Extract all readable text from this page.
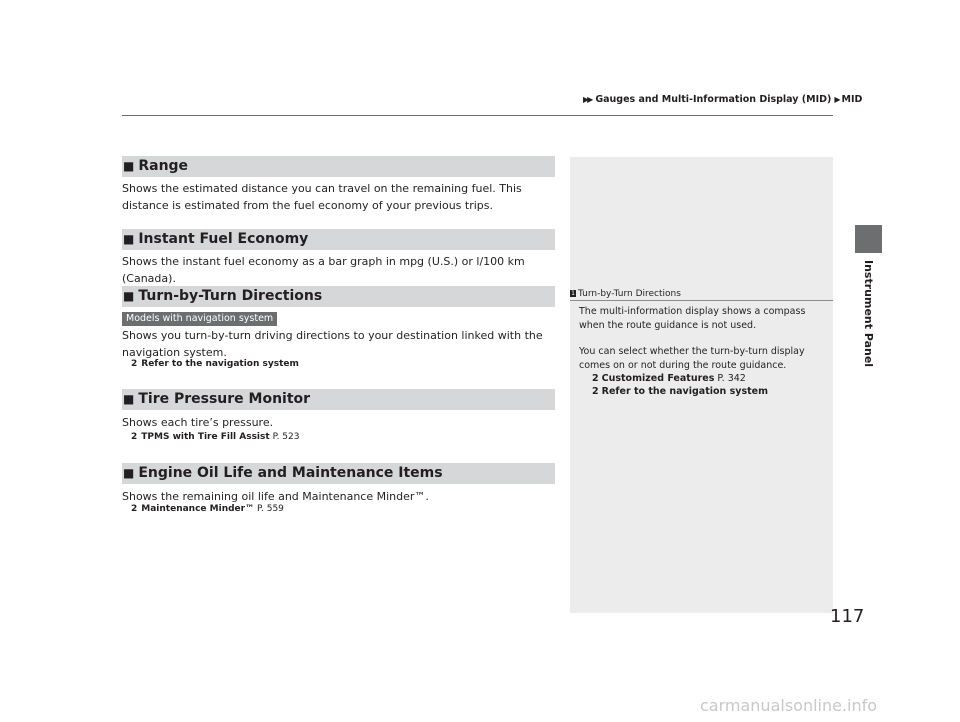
▶▶ Gauges and Multi-Information Display (MID) ▶ MID
Instrument Panel
■ Range
Shows the estimated distance you can travel on the remaining fuel. This distance is estimated from the fuel economy of your previous trips.
■ Instant Fuel Economy
Shows the instant fuel economy as a bar graph in mpg (U.S.) or l/100 km (Canada).
■ Turn-by-Turn Directions
Models with navigation system
Shows you turn-by-turn driving directions to your destination linked with the navigation system.
2 Refer to the navigation system
■ Tire Pressure Monitor
Shows each tire’s pressure.
2 TPMS with Tire Fill Assist P. 523
■ Engine Oil Life and Maintenance Items
Shows the remaining oil life and Maintenance Minder™.
2 Maintenance Minder™ P. 559
1 Turn-by-Turn Directions
The multi-information display shows a compass when the route guidance is not used.
You can select whether the turn-by-turn display comes on or not during the route guidance.
2 Customized Features P. 342
2 Refer to the navigation system
117
carmanualsonline.info
